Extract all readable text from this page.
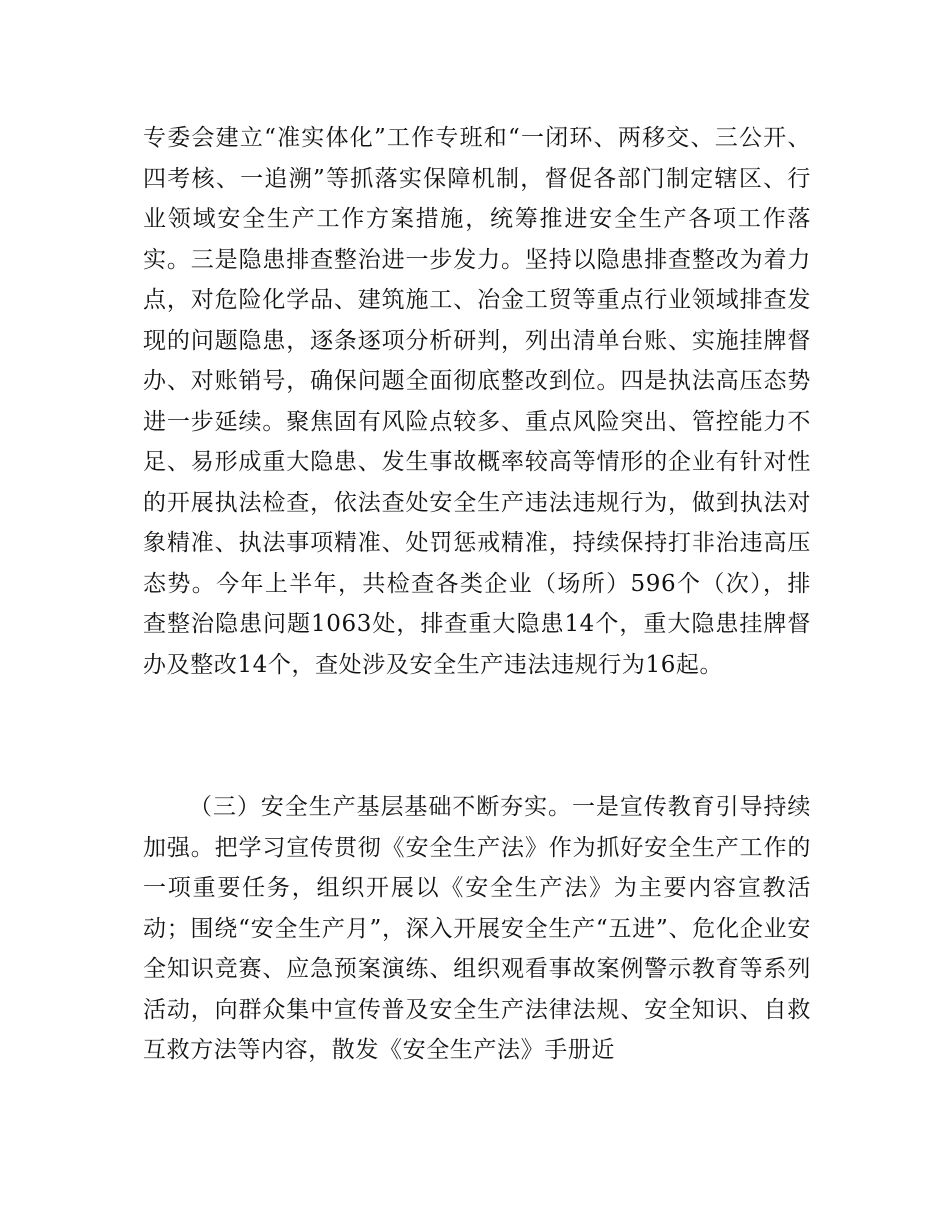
专委会建立“准实体化”工作专班和“一闭环、两移交、三公开、四考核、一追溯”等抓落实保障机制，督促各部门制定辖区、行业领域安全生产工作方案措施，统筹推进安全生产各项工作落实。三是隐患排查整治进一步发力。坚持以隐患排查整改为着力点，对危险化学品、建筑施工、冶金工贸等重点行业领域排查发现的问题隐患，逐条逐项分析研判，列出清单台账、实施挂牌督办、对账销号，确保问题全面彻底整改到位。四是执法高压态势进一步延续。聚焦固有风险点较多、重点风险突出、管控能力不足、易形成重大隐患、发生事故概率较高等情形的企业有针对性的开展执法检查，依法查处安全生产违法违规行为，做到执法对象精准、执法事项精准、处罚惩戒精准，持续保持打非治违高压态势。今年上半年，共检查各类企业（场所）596个（次），排查整治隐患问题1063处，排查重大隐患14个，重大隐患挂牌督办及整改14个，查处涉及安全生产违法违规行为16起。

（三）安全生产基层基础不断夯实。一是宣传教育引导持续加强。把学习宣传贯彻《安全生产法》作为抓好安全生产工作的一项重要任务，组织开展以《安全生产法》为主要内容宣教活动；围绕“安全生产月”，深入开展安全生产“五进”、危化企业安全知识竞赛、应急预案演练、组织观看事故案例警示教育等系列活动，向群众集中宣传普及安全生产法律法规、安全知识、自救互救方法等内容，散发《安全生产法》手册近
